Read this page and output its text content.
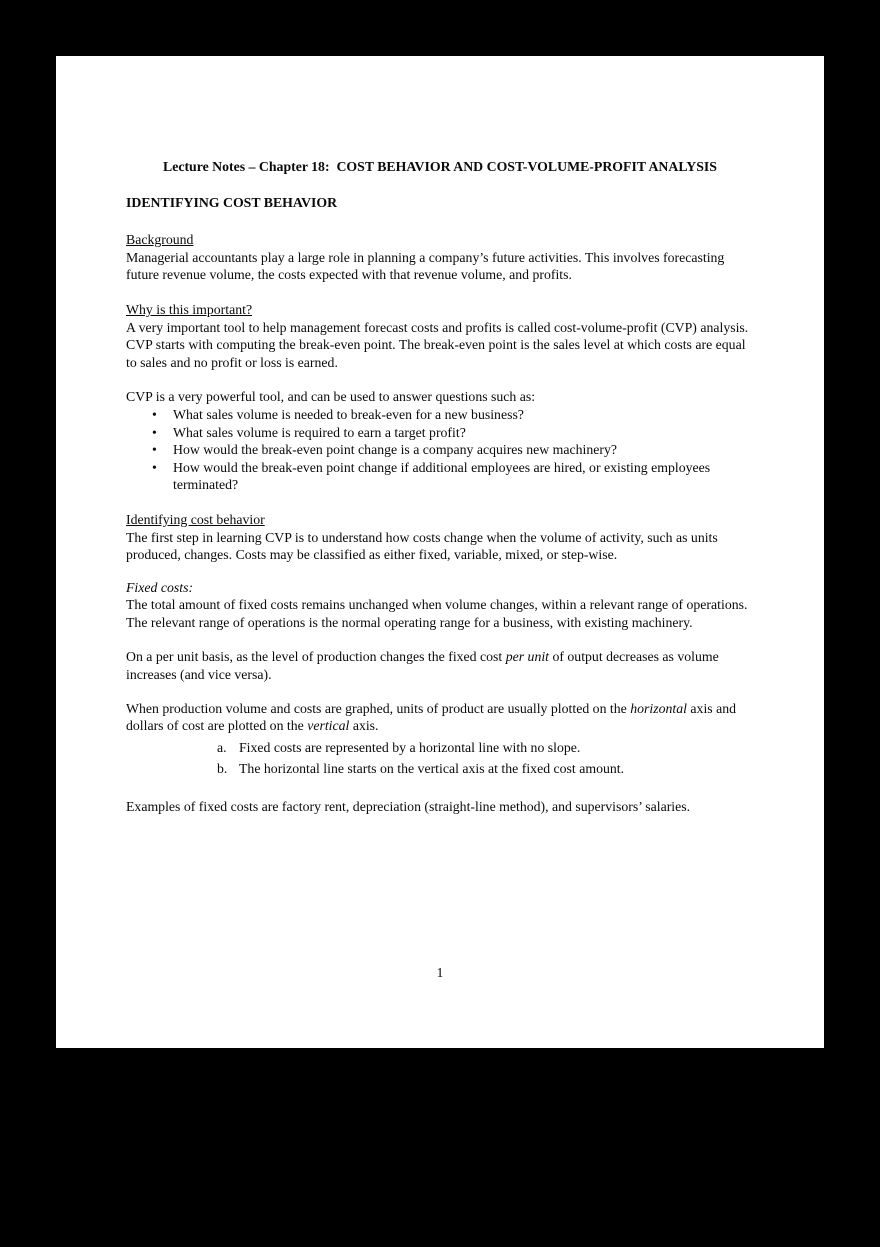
Lecture Notes – Chapter 18:  COST BEHAVIOR AND COST-VOLUME-PROFIT ANALYSIS

IDENTIFYING COST BEHAVIOR

Background

Managerial accountants play a large role in planning a company’s future activities. This involves forecasting future revenue volume, the costs expected with that revenue volume, and profits.

Why is this important?

A very important tool to help management forecast costs and profits is called cost-volume-profit (CVP) analysis. CVP starts with computing the break-even point. The break-even point is the sales level at which costs are equal to sales and no profit or loss is earned.

CVP is a very powerful tool, and can be used to answer questions such as:

• What sales volume is needed to break-even for a new business?
• What sales volume is required to earn a target profit?
• How would the break-even point change is a company acquires new machinery?
• How would the break-even point change if additional employees are hired, or existing employees terminated?
Identifying cost behavior

The first step in learning CVP is to understand how costs change when the volume of activity, such as units produced, changes. Costs may be classified as either fixed, variable, mixed, or step-wise.

Fixed costs:

The total amount of fixed costs remains unchanged when volume changes, within a relevant range of operations. The relevant range of operations is the normal operating range for a business, with existing machinery.

On a per unit basis, as the level of production changes the fixed cost per unit of output decreases as volume increases (and vice versa).

When production volume and costs are graphed, units of product are usually plotted on the horizontal axis and dollars of cost are plotted on the vertical axis.

a. Fixed costs are represented by a horizontal line with no slope.
b. The horizontal line starts on the vertical axis at the fixed cost amount.

Examples of fixed costs are factory rent, depreciation (straight-line method), and supervisors’ salaries.

1
